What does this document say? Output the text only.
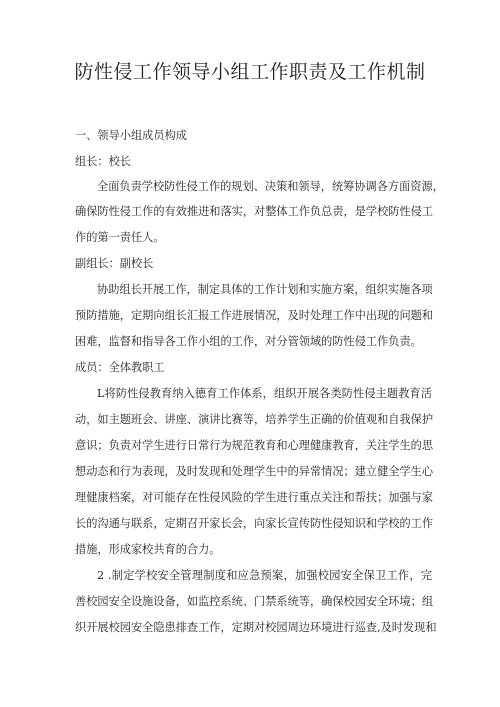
防性侵工作领导小组工作职责及工作机制
一、领导小组成员构成
组长：校长
全面负责学校防性侵工作的规划、决策和领导，统筹协调各方面资源，
确保防性侵工作的有效推进和落实，对整体工作负总责，是学校防性侵工
作的第一责任人。
副组长：副校长
协助组长开展工作，制定具体的工作计划和实施方案，组织实施各项
预防措施，定期向组长汇报工作进展情况，及时处理工作中出现的问题和
困难，监督和指导各工作小组的工作，对分管领域的防性侵工作负责。
成员：全体教职工
L将防性侵教育纳入德育工作体系，组织开展各类防性侵主题教育活
动，如主题班会、讲座、演讲比赛等，培养学生正确的价值观和自我保护
意识；负责对学生进行日常行为规范教育和心理健康教育，关注学生的思
想动态和行为表现，及时发现和处理学生中的异常情况；建立健全学生心
理健康档案，对可能存在性侵风险的学生进行重点关注和帮扶；加强与家
长的沟通与联系，定期召开家长会，向家长宣传防性侵知识和学校的工作
措施，形成家校共育的合力。
2 .制定学校安全管理制度和应急预案，加强校园安全保卫工作，完
善校园安全设施设备，如监控系统、门禁系统等，确保校园安全环境；组
织开展校园安全隐患排查工作，定期对校园周边环境进行巡查,及时发现和
